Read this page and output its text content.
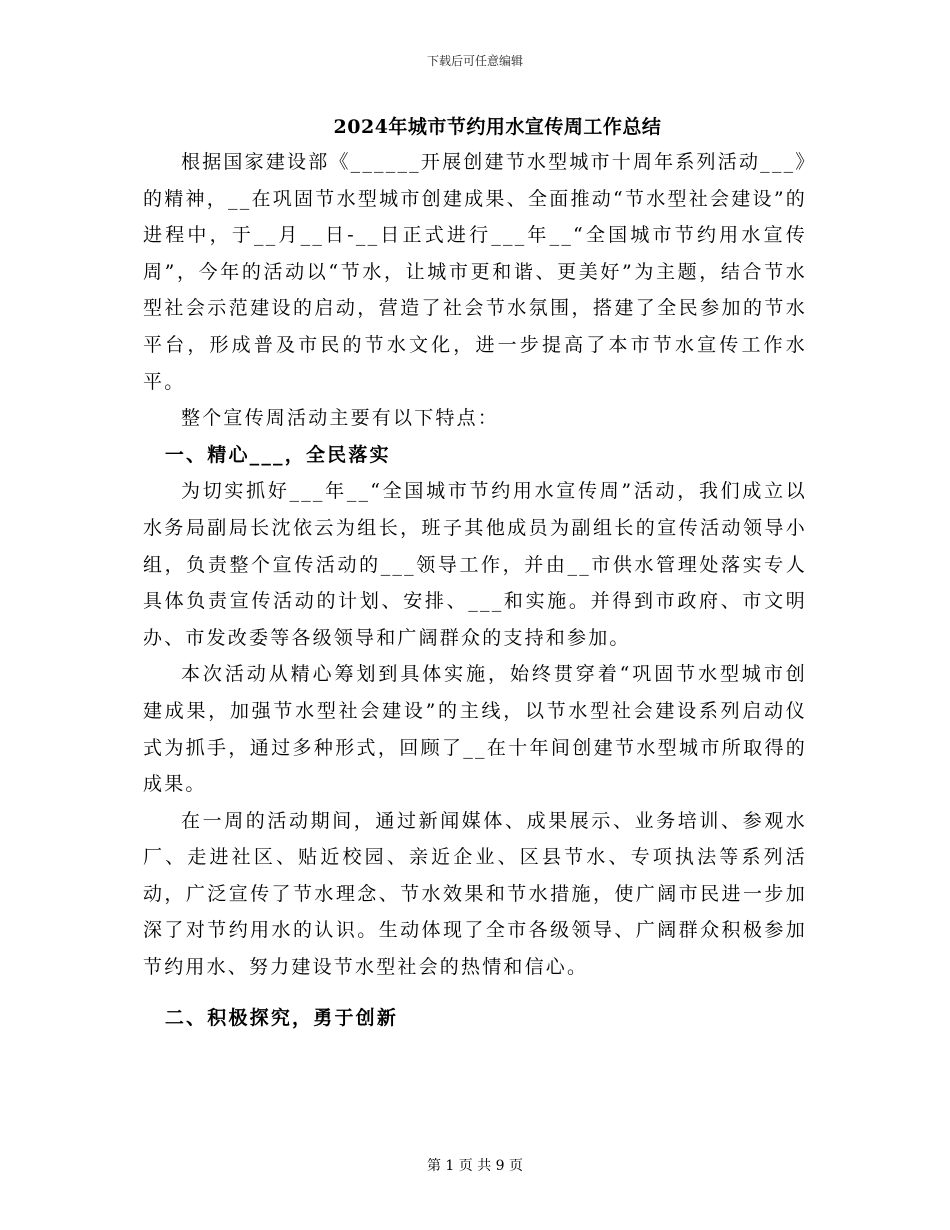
下载后可任意编辑
2024年城市节约用水宣传周工作总结

根据国家建设部《______开展创建节水型城市十周年系列活动___》的精神，__在巩固节水型城市创建成果、全面推动“节水型社会建设”的进程中，于__月__日-__日正式进行___年__“全国城市节约用水宣传周”，今年的活动以“节水，让城市更和谐、更美好”为主题，结合节水型社会示范建设的启动，营造了社会节水氛围，搭建了全民参加的节水平台，形成普及市民的节水文化，进一步提高了本市节水宣传工作水平。

整个宣传周活动主要有以下特点：

一、精心___，全民落实

为切实抓好___年__“全国城市节约用水宣传周”活动，我们成立以水务局副局长沈依云为组长，班子其他成员为副组长的宣传活动领导小组，负责整个宣传活动的___领导工作，并由__市供水管理处落实专人具体负责宣传活动的计划、安排、___和实施。并得到市政府、市文明办、市发改委等各级领导和广阔群众的支持和参加。

本次活动从精心筹划到具体实施，始终贯穿着“巩固节水型城市创建成果，加强节水型社会建设”的主线，以节水型社会建设系列启动仪式为抓手，通过多种形式，回顾了__在十年间创建节水型城市所取得的成果。

在一周的活动期间，通过新闻媒体、成果展示、业务培训、参观水厂、走进社区、贴近校园、亲近企业、区县节水、专项执法等系列活动，广泛宣传了节水理念、节水效果和节水措施，使广阔市民进一步加深了对节约用水的认识。生动体现了全市各级领导、广阔群众积极参加节约用水、努力建设节水型社会的热情和信心。

二、积极探究，勇于创新
第 1 页 共 9 页
